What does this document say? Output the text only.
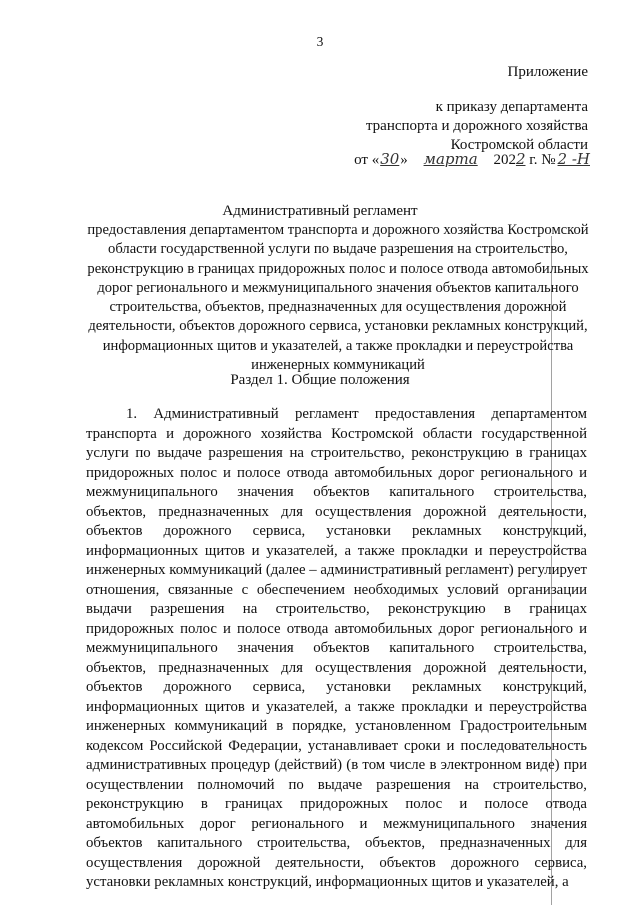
3
Приложение
к приказу департамента
транспорта и дорожного хозяйства
Костромской области
от «30» марта 2022 г. № 2 -Н
Административный регламент
предоставления департаментом транспорта и дорожного хозяйства Костромской области государственной услуги по выдаче разрешения на строительство, реконструкцию в границах придорожных полос и полосе отвода автомобильных дорог регионального и межмуниципального значения объектов капитального строительства, объектов, предназначенных для осуществления дорожной деятельности, объектов дорожного сервиса, установки рекламных конструкций, информационных щитов и указателей, а также прокладки и переустройства инженерных коммуникаций
Раздел 1. Общие положения
1. Административный регламент предоставления департаментом транспорта и дорожного хозяйства Костромской области государственной услуги по выдаче разрешения на строительство, реконструкцию в границах придорожных полос и полосе отвода автомобильных дорог регионального и межмуниципального значения объектов капитального строительства, объектов, предназначенных для осуществления дорожной деятельности, объектов дорожного сервиса, установки рекламных конструкций, информационных щитов и указателей, а также прокладки и переустройства инженерных коммуникаций (далее – административный регламент) регулирует отношения, связанные с обеспечением необходимых условий организации выдачи разрешения на строительство, реконструкцию в границах придорожных полос и полосе отвода автомобильных дорог регионального и межмуниципального значения объектов капитального строительства, объектов, предназначенных для осуществления дорожной деятельности, объектов дорожного сервиса, установки рекламных конструкций, информационных щитов и указателей, а также прокладки и переустройства инженерных коммуникаций в порядке, установленном Градостроительным кодексом Российской Федерации, устанавливает сроки и последовательность административных процедур (действий) (в том числе в электронном виде) при осуществлении полномочий по выдаче разрешения на строительство, реконструкцию в границах придорожных полос и полосе отвода автомобильных дорог регионального и межмуниципального значения объектов капитального строительства, объектов, предназначенных для осуществления дорожной деятельности, объектов дорожного сервиса, установки рекламных конструкций, информационных щитов и указателей, а
